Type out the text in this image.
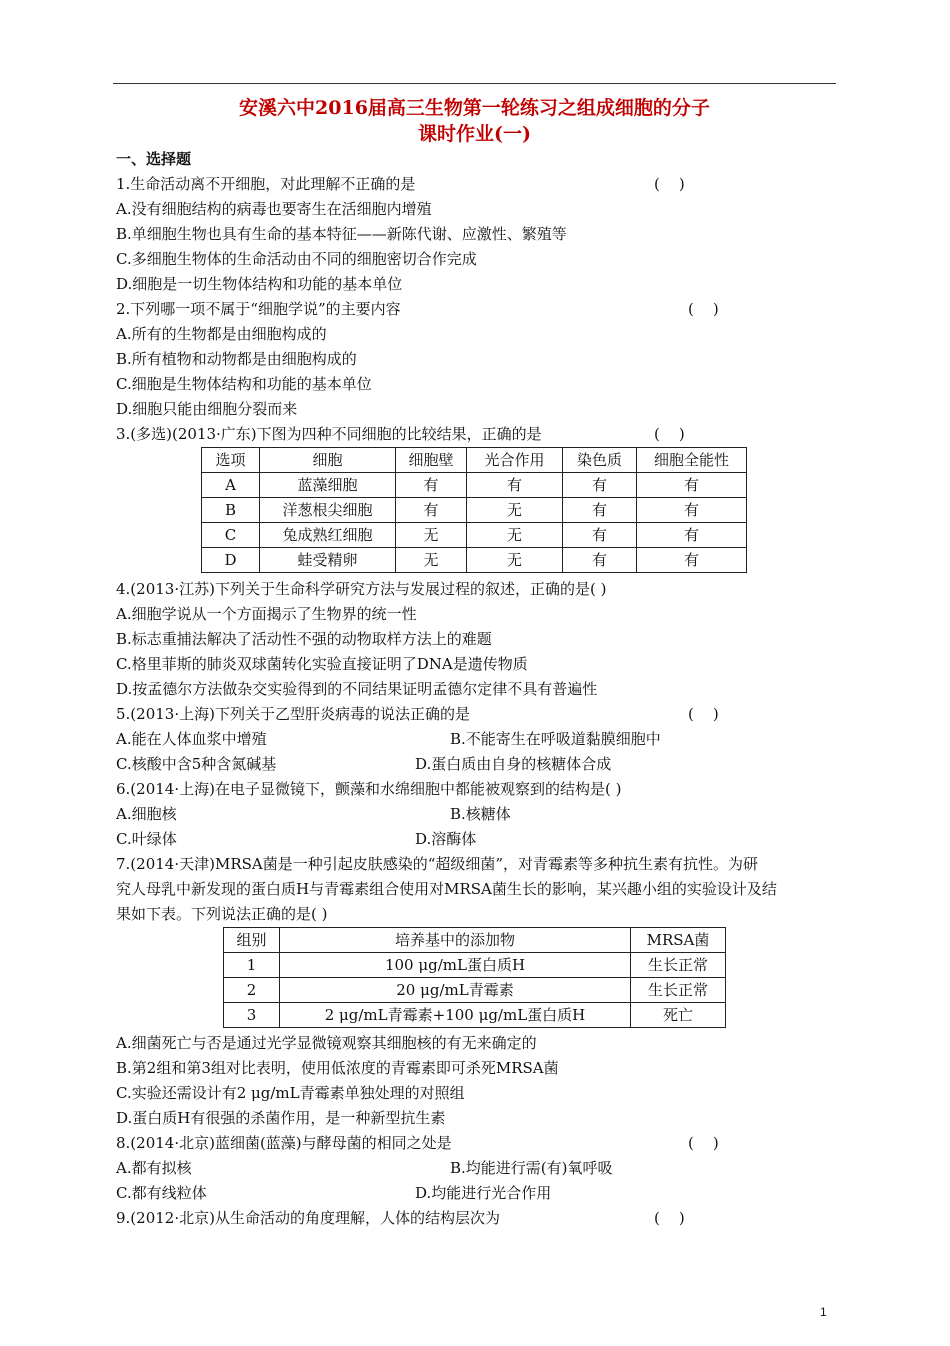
安溪六中2016届高三生物第一轮练习之组成细胞的分子
课时作业(一)
一、选择题
1.生命活动离不开细胞，对此理解不正确的是	(    )
A.没有细胞结构的病毒也要寄生在活细胞内增殖
B.单细胞生物也具有生命的基本特征——新陈代谢、应激性、繁殖等
C.多细胞生物体的生命活动由不同的细胞密切合作完成
D.细胞是一切生物体结构和功能的基本单位
2.下列哪一项不属于“细胞学说”的主要内容	(    )
A.所有的生物都是由细胞构成的
B.所有植物和动物都是由细胞构成的
C.细胞是生物体结构和功能的基本单位
D.细胞只能由细胞分裂而来
3.(多选)(2013·广东)下图为四种不同细胞的比较结果，正确的是	(    )
选项	细胞	细胞壁	光合作用	染色质	细胞全能性
A	蓝藻细胞	有	有	有	有
B	洋葱根尖细胞	有	无	有	有
C	兔成熟红细胞	无	无	有	有
D	蛙受精卵	无	无	有	有
4.(2013·江苏)下列关于生命科学研究方法与发展过程的叙述，正确的是( )
A.细胞学说从一个方面揭示了生物界的统一性
B.标志重捕法解决了活动性不强的动物取样方法上的难题
C.格里菲斯的肺炎双球菌转化实验直接证明了DNA是遗传物质
D.按孟德尔方法做杂交实验得到的不同结果证明孟德尔定律不具有普遍性
5.(2013·上海)下列关于乙型肝炎病毒的说法正确的是	(    )
A.能在人体血浆中增殖	B.不能寄生在呼吸道黏膜细胞中
C.核酸中含5种含氮碱基	D.蛋白质由自身的核糖体合成
6.(2014·上海)在电子显微镜下，颤藻和水绵细胞中都能被观察到的结构是( )
A.细胞核	B.核糖体
C.叶绿体	D.溶酶体
7.(2014·天津)MRSA菌是一种引起皮肤感染的“超级细菌”，对青霉素等多种抗生素有抗性。为研
究人母乳中新发现的蛋白质H与青霉素组合使用对MRSA菌生长的影响，某兴趣小组的实验设计及结
果如下表。下列说法正确的是( )
组别	培养基中的添加物	MRSA菌
1	100 μg/mL蛋白质H	生长正常
2	20 μg/mL青霉素	生长正常
3	2 μg/mL青霉素+100 μg/mL蛋白质H	死亡
A.细菌死亡与否是通过光学显微镜观察其细胞核的有无来确定的
B.第2组和第3组对比表明，使用低浓度的青霉素即可杀死MRSA菌
C.实验还需设计有2 μg/mL青霉素单独处理的对照组
D.蛋白质H有很强的杀菌作用，是一种新型抗生素
8.(2014·北京)蓝细菌(蓝藻)与酵母菌的相同之处是	(    )
A.都有拟核	B.均能进行需(有)氧呼吸
C.都有线粒体	D.均能进行光合作用
9.(2012·北京)从生命活动的角度理解，人体的结构层次为	(    )
1
